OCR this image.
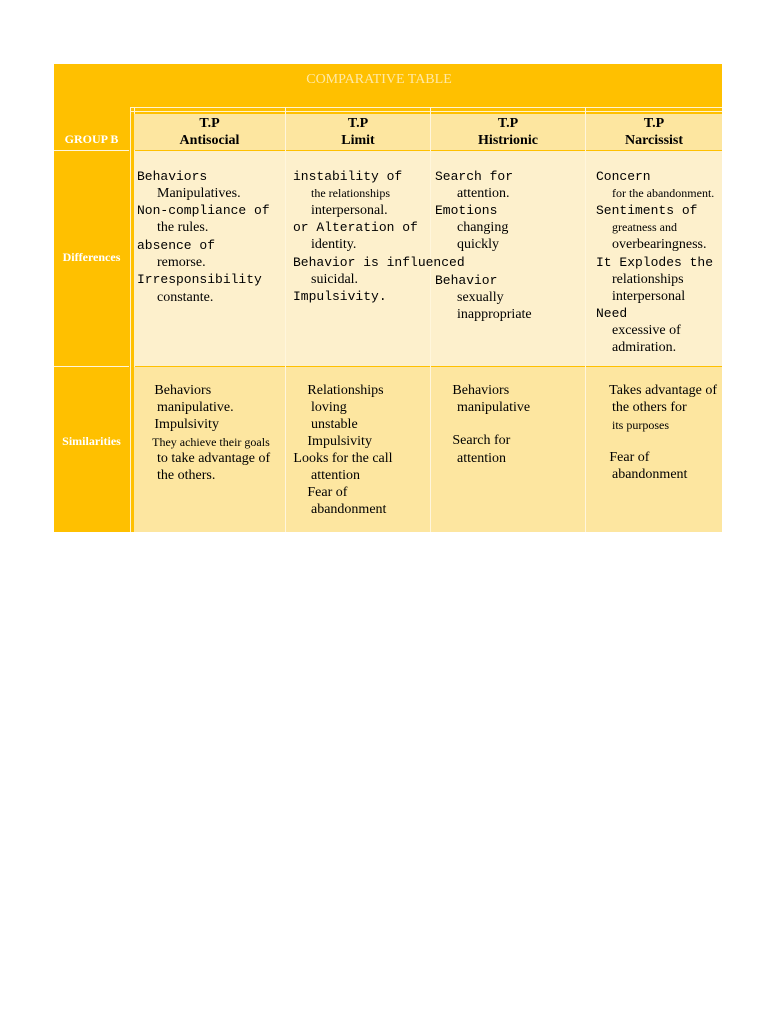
COMPARATIVE TABLE
GROUP B
Differences
Similarities
T.P
Antisocial
T.P
Limit
T.P
Histrionic
T.P
Narcissist
Behaviors
Manipulatives.
Non-compliance of
the rules.
absence of
remorse.
Irresponsibility
constante.
instability of
the relationships
interpersonal.
or Alteration of
identity.
Behavior is influenced
suicidal.
Impulsivity.
Search for
attention.
Emotions
changing
quickly
Behavior
sexually
inappropriate
Concern
for the abandonment.
Sentiments of
greatness and
overbearingness.
It Explodes the
relationships
interpersonal
Need
excessive of
admiration.
  Behaviors
manipulative.
  Impulsivity
  They achieve their goals
to take advantage of
the others.
  Relationships
loving
unstable
  Impulsivity
  Looks for the call
attention
  Fear of
abandonment
  Behaviors
manipulative
  Search for
attention
  Takes advantage of
the others for
its purposes
  Fear of
abandonment
